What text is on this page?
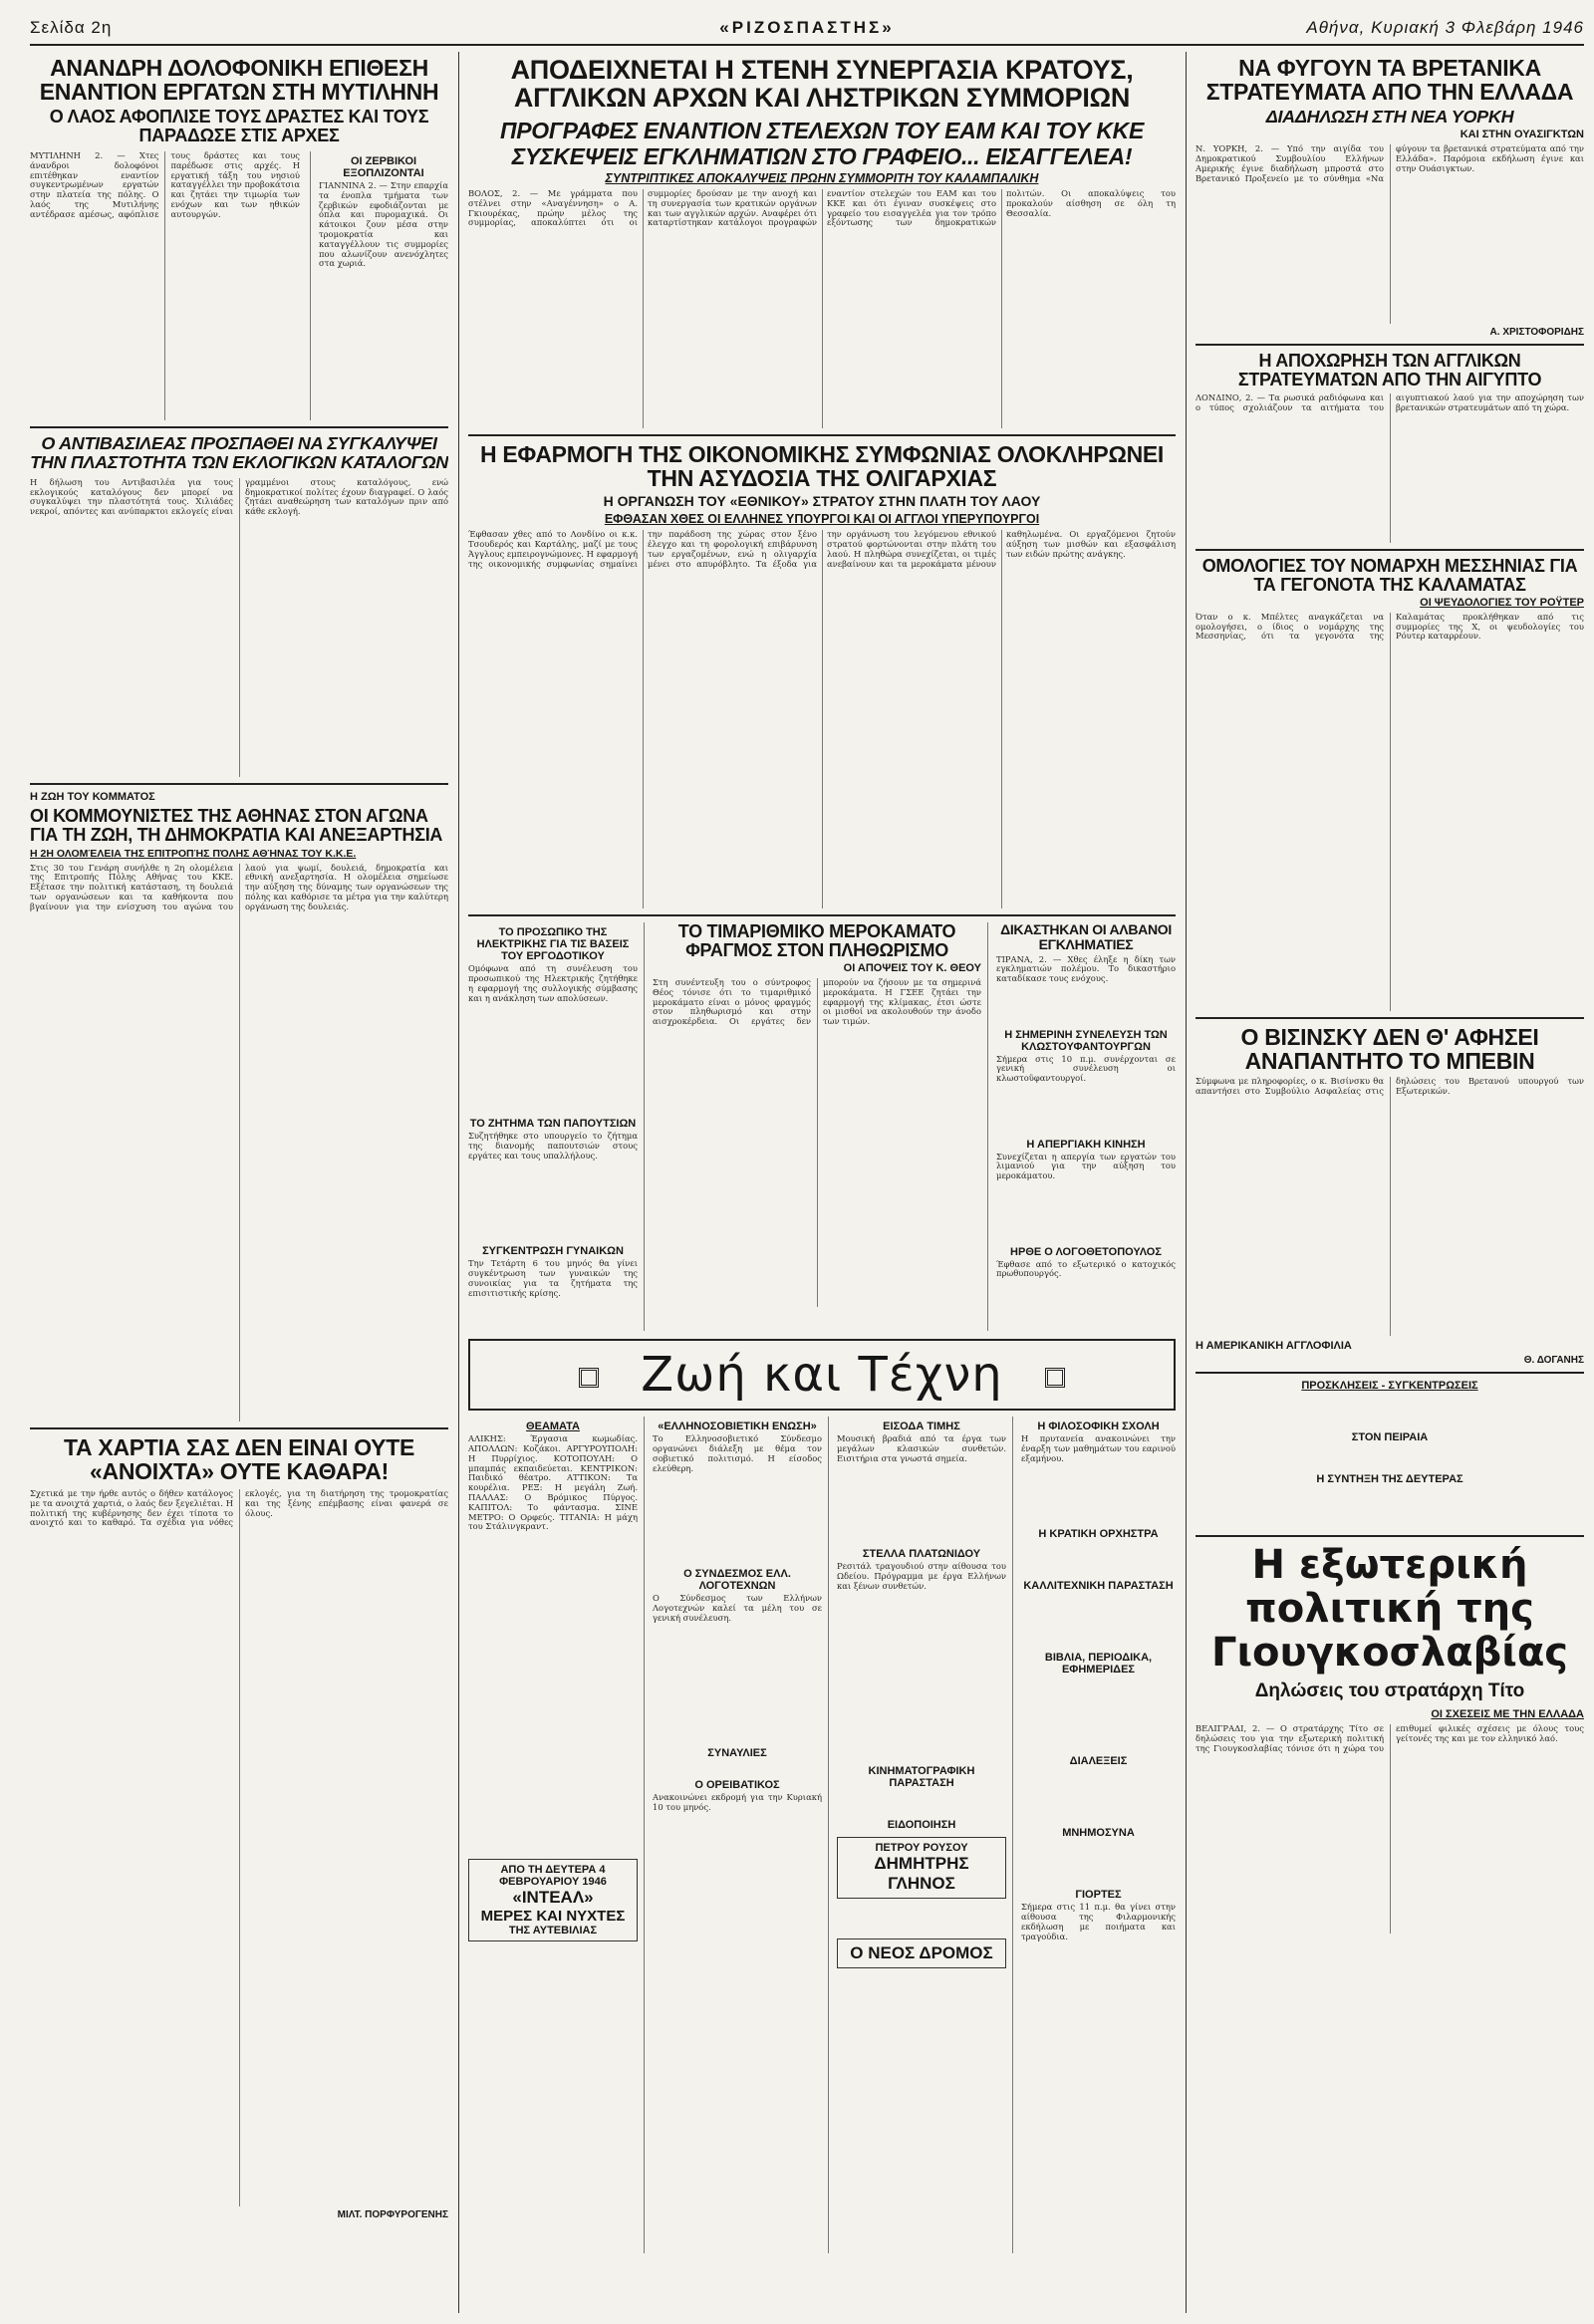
Σελίδα 2η	«ΡΙΖΟΣΠΑΣΤΗΣ»	Αθήνα, Κυριακή 3 Φλεβάρη 1946
ΑΝΑΝΔΡΗ ΔΟΛΟΦΟΝΙΚΗ ΕΠΙΘΕΣΗ ΕΝΑΝΤΙΟΝ ΕΡΓΑΤΩΝ ΣΤΗ ΜΥΤΙΛΗΝΗ
Ο ΛΑΟΣ ΑΦΟΠΛΙΣΕ ΤΟΥΣ ΔΡΑΣΤΕΣ ΚΑΙ ΤΟΥΣ ΠΑΡΑΔΩΣΕ ΣΤΙΣ ΑΡΧΕΣ

ΜΥΤΙΛΗΝΗ 2. — Χτες άνανδροι δολοφόνοι επιτέθηκαν εναντίον συγκεντρωμένων εργατών στην πλατεία της πόλης. Ο λαός της Μυτιλήνης αντέδρασε αμέσως, αφόπλισε τους δράστες και τους παρέδωσε στις αρχές. Η εργατική τάξη του νησιού καταγγέλλει την προβοκάτσια και ζητάει την τιμωρία των ενόχων και των ηθικών αυτουργών.

ΟΙ ΖΕΡΒΙΚΟΙ ΕΞΟΠΛΙΖΟΝΤΑΙ

ΓΙΑΝΝΙΝΑ 2. — Στην επαρχία τα ένοπλα τμήματα των ζερβικών εφοδιάζονται με όπλα και πυρομαχικά. Οι κάτοικοι ζουν μέσα στην τρομοκρατία και καταγγέλλουν τις συμμορίες που αλωνίζουν ανενόχλητες στα χωριά.

Ο ΑΝΤΙΒΑΣΙΛΕΑΣ ΠΡΟΣΠΑΘΕΙ ΝΑ ΣΥΓΚΑΛΥΨΕΙ ΤΗΝ ΠΛΑΣΤΟΤΗΤΑ ΤΩΝ ΕΚΛΟΓΙΚΩΝ ΚΑΤΑΛΟΓΩΝ

Η δήλωση του Αντιβασιλέα για τους εκλογικούς καταλόγους δεν μπορεί να συγκαλύψει την πλαστότητά τους. Χιλιάδες νεκροί, απόντες και ανύπαρκτοι εκλογείς είναι γραμμένοι στους καταλόγους, ενώ δημοκρατικοί πολίτες έχουν διαγραφεί. Ο λαός ζητάει αναθεώρηση των καταλόγων πριν από κάθε εκλογή.

Η ΖΩΗ ΤΟΥ ΚΟΜΜΑΤΟΣ
ΟΙ ΚΟΜΜΟΥΝΙΣΤΕΣ ΤΗΣ ΑΘΗΝΑΣ ΣΤΟΝ ΑΓΩΝΑ ΓΙΑ ΤΗ ΖΩΗ, ΤΗ ΔΗΜΟΚΡΑΤΙΑ ΚΑΙ ΑΝΕΞΑΡΤΗΣΙΑ
Η 2Η ΟΛΟΜΈΛΕΙΑ ΤΗΣ ΕΠΙΤΡΟΠΉΣ ΠΌΛΗΣ ΑΘΉΝΑΣ ΤΟΥ Κ.Κ.Ε.

Στις 30 του Γενάρη συνήλθε η 2η ολομέλεια της Επιτροπής Πόλης Αθήνας του ΚΚΕ. Εξέτασε την πολιτική κατάσταση, τη δουλειά των οργανώσεων και τα καθήκοντα που βγαίνουν για την ενίσχυση του αγώνα του λαού για ψωμί, δουλειά, δημοκρατία και εθνική ανεξαρτησία. Η ολομέλεια σημείωσε την αύξηση της δύναμης των οργανώσεων της πόλης και καθόρισε τα μέτρα για την καλύτερη οργάνωση της δουλειάς.

ΤΑ ΧΑΡΤΙΑ ΣΑΣ ΔΕΝ ΕΙΝΑΙ ΟΥΤΕ «ΑΝΟΙΧΤΑ» ΟΥΤΕ ΚΑΘΑΡΑ!

Σχετικά με την ήρθε αυτός ο δήθεν κατάλογος με τα ανοιχτά χαρτιά, ο λαός δεν ξεγελιέται. Η πολιτική της κυβέρνησης δεν έχει τίποτα το ανοιχτό και το καθαρό. Τα σχέδια για νόθες εκλογές, για τη διατήρηση της τρομοκρατίας και της ξένης επέμβασης είναι φανερά σε όλους.

ΜΙΛΤ. ΠΟΡΦΥΡΟΓΕΝΗΣ
ΑΠΟΔΕΙΧΝΕΤΑΙ Η ΣΤΕΝΗ ΣΥΝΕΡΓΑΣΙΑ ΚΡΑΤΟΥΣ, ΑΓΓΛΙΚΩΝ ΑΡΧΩΝ ΚΑΙ ΛΗΣΤΡΙΚΩΝ ΣΥΜΜΟΡΙΩΝ
ΠΡΟΓΡΑΦΕΣ ΕΝΑΝΤΙΟΝ ΣΤΕΛΕΧΩΝ ΤΟΥ ΕΑΜ ΚΑΙ ΤΟΥ ΚΚΕ
ΣΥΣΚΕΨΕΙΣ ΕΓΚΛΗΜΑΤΙΩΝ ΣΤΟ ΓΡΑΦΕΙΟ... ΕΙΣΑΓΓΕΛΕΑ!
ΣΥΝΤΡΙΠΤΙΚΕΣ ΑΠΟΚΑΛΥΨΕΙΣ ΠΡΩΗΝ ΣΥΜΜΟΡΙΤΗ ΤΟΥ ΚΑΛΑΜΠΑΛΙΚΗ

ΒΟΛΟΣ, 2. — Με γράμματα που στέλνει στην «Αναγέννηση» ο Α. Γκιουρέκας, πρώην μέλος της συμμορίας, αποκαλύπτει ότι οι συμμορίες δρούσαν με την ανοχή και τη συνεργασία των κρατικών οργάνων και των αγγλικών αρχών. Αναφέρει ότι καταρτίστηκαν κατάλογοι προγραφών εναντίον στελεχών του ΕΑΜ και του ΚΚΕ και ότι έγιναν συσκέψεις στο γραφείο του εισαγγελέα για τον τρόπο εξόντωσης των δημοκρατικών πολιτών. Οι αποκαλύψεις του προκαλούν αίσθηση σε όλη τη Θεσσαλία.

Η ΕΦΑΡΜΟΓΗ ΤΗΣ ΟΙΚΟΝΟΜΙΚΗΣ ΣΥΜΦΩΝΙΑΣ ΟΛΟΚΛΗΡΩΝΕΙ ΤΗΝ ΑΣΥΔΟΣΙΑ ΤΗΣ ΟΛΙΓΑΡΧΙΑΣ
Η ΟΡΓΑΝΩΣΗ ΤΟΥ «ΕΘΝΙΚΟΥ» ΣΤΡΑΤΟΥ ΣΤΗΝ ΠΛΑΤΗ ΤΟΥ ΛΑΟΥ
ΕΦΘΑΣΑΝ ΧΘΕΣ ΟΙ ΕΛΛΗΝΕΣ ΥΠΟΥΡΓΟΙ ΚΑΙ ΟΙ ΑΓΓΛΟΙ ΥΠΕΡΥΠΟΥΡΓΟΙ

Έφθασαν χθες από το Λονδίνο οι κ.κ. Τσουδερός και Καρτάλης, μαζί με τους Άγγλους εμπειρογνώμονες. Η εφαρμογή της οικονομικής συμφωνίας σημαίνει την παράδοση της χώρας στον ξένο έλεγχο και τη φορολογική επιβάρυνση των εργαζομένων, ενώ η ολιγαρχία μένει στο απυρόβλητο. Τα έξοδα για την οργάνωση του λεγόμενου εθνικού στρατού φορτώνονται στην πλάτη του λαού. Η πληθώρα συνεχίζεται, οι τιμές ανεβαίνουν και τα μεροκάματα μένουν καθηλωμένα. Οι εργαζόμενοι ζητούν αύξηση των μισθών και εξασφάλιση των ειδών πρώτης ανάγκης.

ΤΟ ΠΡΟΣΩΠΙΚΟ ΤΗΣ ΗΛΕΚΤΡΙΚΗΣ ΓΙΑ ΤΙΣ ΒΑΣΕΙΣ ΤΟΥ ΕΡΓΟΔΟΤΙΚΟΥ

Ομόφωνα από τη συνέλευση του προσωπικού της Ηλεκτρικής ζητήθηκε η εφαρμογή της συλλογικής σύμβασης και η ανάκληση των απολύσεων.

ΤΟ ΖΗΤΗΜΑ ΤΩΝ ΠΑΠΟΥΤΣΙΩΝ

Συζητήθηκε στο υπουργείο το ζήτημα της διανομής παπουτσιών στους εργάτες και τους υπαλλήλους.

ΣΥΓΚΕΝΤΡΩΣΗ ΓΥΝΑΙΚΩΝ

Την Τετάρτη 6 του μηνός θα γίνει συγκέντρωση των γυναικών της συνοικίας για τα ζητήματα της επισιτιστικής κρίσης.

ΤΟ ΤΙΜΑΡΙΘΜΙΚΟ ΜΕΡΟΚΑΜΑΤΟ ΦΡΑΓΜΟΣ ΣΤΟΝ ΠΛΗΘΩΡΙΣΜΟ
ΟΙ ΑΠΟΨΕΙΣ ΤΟΥ Κ. ΘΕΟΥ

Στη συνέντευξη του ο σύντροφος Θέος τόνισε ότι το τιμαριθμικό μεροκάματο είναι ο μόνος φραγμός στον πληθωρισμό και στην αισχροκέρδεια. Οι εργάτες δεν μπορούν να ζήσουν με τα σημερινά μεροκάματα. Η ΓΣΕΕ ζητάει την εφαρμογή της κλίμακας, έτσι ώστε οι μισθοί να ακολουθούν την άνοδο των τιμών.

ΔΙΚΑΣΤΗΚΑΝ ΟΙ ΑΛΒΑΝΟΙ ΕΓΚΛΗΜΑΤΙΕΣ

ΤΙΡΑΝΑ, 2. — Χθες έληξε η δίκη των εγκληματιών πολέμου. Το δικαστήριο καταδίκασε τους ενόχους.

Η ΣΗΜΕΡΙΝΗ ΣΥΝΕΛΕΥΣΗ ΤΩΝ ΚΛΩΣΤΟΥΦΑΝΤΟΥΡΓΩΝ

Σήμερα στις 10 π.μ. συνέρχονται σε γενική συνέλευση οι κλωστοϋφαντουργοί.

Η ΑΠΕΡΓΙΑΚΗ ΚΙΝΗΣΗ

Συνεχίζεται η απεργία των εργατών του λιμανιού για την αύξηση του μεροκάματου.

ΗΡΘΕ Ο ΛΟΓΟΘΕΤΟΠΟΥΛΟΣ

Έφθασε από το εξωτερικό ο κατοχικός πρωθυπουργός.

Ζωή και Τέχνη
ΘΕΑΜΑΤΑ

ΑΛΙΚΗΣ: Έργασια κωμωδίας. ΑΠΟΛΛΩΝ: Κοζάκοι. ΑΡΓΥΡΟΥΠΟΛΗ: Η Πυρρίχιος. ΚΟΤΟΠΟΥΛΗ: Ο μπαμπάς εκπαιδεύεται. ΚΕΝΤΡΙΚΟΝ: Παιδικό θέατρο. ΑΤΤΙΚΟΝ: Τα κουρέλια. ΡΕΞ: Η μεγάλη Ζωή. ΠΑΛΛΑΣ: Ο Βρόμικος Πύργος. ΚΑΠΙΤΟΛ: Το φάντασμα. ΣΙΝΕ ΜΕΤΡΟ: Ο Ορφεύς. ΤΙΤΑΝΙΑ: Η μάχη του Στάλινγκραντ.

ΑΠΟ ΤΗ ΔΕΥΤΕΡΑ 4 ΦΕΒΡΟΥΑΡΙΟΥ 1946
«ΙΝΤΕΑΛ»
ΜΕΡΕΣ ΚΑΙ ΝΥΧΤΕΣ
ΤΗΣ ΑΥΤΕΒΙΛΙΑΣ
«ΕΛΛΗΝΟΣΟΒΙΕΤΙΚΗ ΕΝΩΣΗ»

Το Ελληνοσοβιετικό Σύνδεσμο οργανώνει διάλεξη με θέμα τον σοβιετικό πολιτισμό. Η είσοδος ελεύθερη.

Ο ΣΥΝΔΕΣΜΟΣ ΕΛΛ. ΛΟΓΟΤΕΧΝΩΝ

Ο Σύνδεσμος των Ελλήνων Λογοτεχνών καλεί τα μέλη του σε γενική συνέλευση.

ΣΥΝΑΥΛΙΕΣ
Ο ΟΡΕΙΒΑΤΙΚΟΣ

Ανακοινώνει εκδρομή για την Κυριακή 10 του μηνός.

ΕΙΣΟΔΑ ΤΙΜΗΣ

Μουσική βραδιά από τα έργα των μεγάλων κλασικών συνθετών. Εισιτήρια στα γνωστά σημεία.

ΣΤΕΛΛΑ ΠΛΑΤΩΝΙΔΟΥ

Ρεσιτάλ τραγουδιού στην αίθουσα του Ωδείου. Πρόγραμμα με έργα Ελλήνων και ξένων συνθετών.

ΚΙΝΗΜΑΤΟΓΡΑΦΙΚΗ ΠΑΡΑΣΤΑΣΗ
ΕΙΔΟΠΟΙΗΣΗ
ΠΕΤΡΟΥ ΡΟΥΣΟΥ
ΔΗΜΗΤΡΗΣ ΓΛΗΝΟΣ
Ο ΝΕΟΣ ΔΡΟΜΟΣ
Η ΦΙΛΟΣΟΦΙΚΗ ΣΧΟΛΗ

Η πρυτανεία ανακοινώνει την έναρξη των μαθημάτων του εαρινού εξαμήνου.

Η ΚΡΑΤΙΚΗ ΟΡΧΗΣΤΡΑ
ΚΑΛΛΙΤΕΧΝΙΚΗ ΠΑΡΑΣΤΑΣΗ
ΒΙΒΛΙΑ, ΠΕΡΙΟΔΙΚΑ, ΕΦΗΜΕΡΙΔΕΣ
ΔΙΑΛΕΞΕΙΣ
ΜΝΗΜΟΣΥΝΑ
ΓΙΟΡΤΕΣ

Σήμερα στις 11 π.μ. θα γίνει στην αίθουσα της Φιλαρμονικής εκδήλωση με ποιήματα και τραγούδια.

ΝΑ ΦΥΓΟΥΝ ΤΑ ΒΡΕΤΑΝΙΚΑ ΣΤΡΑΤΕΥΜΑΤΑ ΑΠΟ ΤΗΝ ΕΛΛΑΔΑ
ΔΙΑΔΗΛΩΣΗ ΣΤΗ ΝΕΑ ΥΟΡΚΗ
ΚΑΙ ΣΤΗΝ ΟΥΑΣΙΓΚΤΩΝ

Ν. ΥΟΡΚΗ, 2. — Υπό την αιγίδα του Δημοκρατικού Συμβουλίου Ελλήνων Αμερικής έγινε διαδήλωση μπροστά στο Βρετανικό Προξενείο με το σύνθημα «Να φύγουν τα βρετανικά στρατεύματα από την Ελλάδα». Παρόμοια εκδήλωση έγινε και στην Ουάσιγκτων.

Α. ΧΡΙΣΤΟΦΟΡΙΔΗΣ
Η ΑΠΟΧΩΡΗΣΗ ΤΩΝ ΑΓΓΛΙΚΩΝ ΣΤΡΑΤΕΥΜΑΤΩΝ ΑΠΟ ΤΗΝ ΑΙΓΥΠΤΟ

ΛΟΝΔΙΝΟ, 2. — Τα ρωσικά ραδιόφωνα και ο τύπος σχολιάζουν τα αιτήματα του αιγυπτιακού λαού για την αποχώρηση των βρετανικών στρατευμάτων από τη χώρα.

ΟΜΟΛΟΓΙΕΣ ΤΟΥ ΝΟΜΑΡΧΗ ΜΕΣΣΗΝΙΑΣ ΓΙΑ ΤΑ ΓΕΓΟΝΟΤΑ ΤΗΣ ΚΑΛΑΜΑΤΑΣ
ΟΙ ΨΕΥΔΟΛΟΓΙΕΣ ΤΟΥ ΡΟΫΤΕΡ

Όταν ο κ. Μπέλτες αναγκάζεται να ομολογήσει, ο ίδιος ο νομάρχης της Μεσσηνίας, ότι τα γεγονότα της Καλαμάτας προκλήθηκαν από τις συμμορίες της Χ, οι ψευδολογίες του Ρόυτερ καταρρέουν.

Ο ΒΙΣΙΝΣΚΥ ΔΕΝ Θ' ΑΦΗΣΕΙ ΑΝΑΠΑΝΤΗΤΟ ΤΟ ΜΠΕΒΙΝ

Σύμφωνα με πληροφορίες, ο κ. Βισίνσκυ θα απαντήσει στο Συμβούλιο Ασφαλείας στις δηλώσεις του Βρετανού υπουργού των Εξωτερικών.

Η ΑΜΕΡΙΚΑΝΙΚΗ ΑΓΓΛΟΦΙΛΙΑ
Θ. ΔΟΓΑΝΗΣ
ΠΡΟΣΚΛΗΣΕΙΣ - ΣΥΓΚΕΝΤΡΩΣΕΙΣ
ΣΤΟΝ ΠΕΙΡΑΙΑ
Η ΣΥΝΤΗΞΗ ΤΗΣ ΔΕΥΤΕΡΑΣ
Η εξωτερική πολιτική της Γιουγκοσλαβίας
Δηλώσεις του στρατάρχη Τίτο
ΟΙ ΣΧΕΣΕΙΣ ΜΕ ΤΗΝ ΕΛΛΑΔΑ

ΒΕΛΙΓΡΑΔΙ, 2. — Ο στρατάρχης Τίτο σε δηλώσεις του για την εξωτερική πολιτική της Γιουγκοσλαβίας τόνισε ότι η χώρα του επιθυμεί φιλικές σχέσεις με όλους τους γείτονές της και με τον ελληνικό λαό.
